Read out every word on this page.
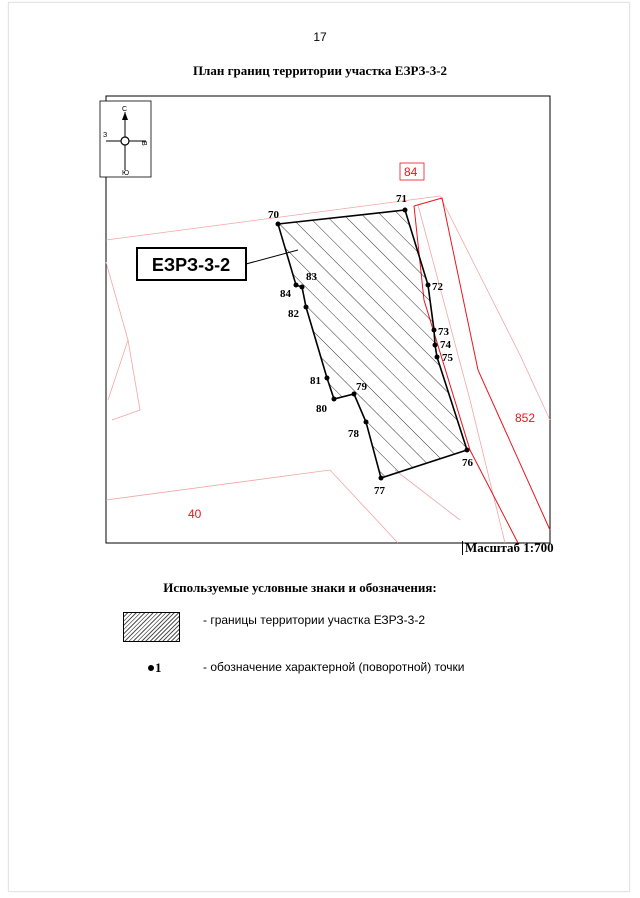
17
План границ территории участка ЕЗРЗ-3-2
С
Ю
З
В
84
852
40
70
71
72
73
74
75
76
77
78
79
80
81
82
83
84
ЕЗРЗ-3-2
Масштаб 1:700
Используемые условные знаки и обозначения:
- границы территории участка ЕЗРЗ-3-2
1	- обозначение характерной (поворотной) точки
